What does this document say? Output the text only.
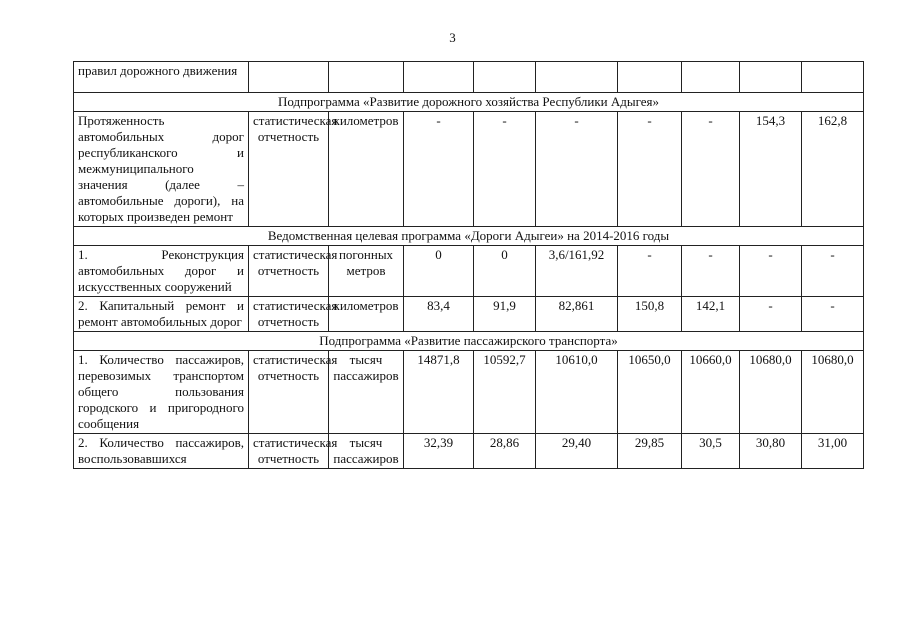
3
правил дорожного движения									
Подпрограмма «Развитие дорожного хозяйства Республики Адыгея»									
Протяженность автомобильных дорог республиканского и межмуниципального значения (далее – автомобильные дороги), на которых произведен ремонт	статистическая отчетность	километров	-	-	-	-	-	154,3	162,8
Ведомственная целевая программа «Дороги Адыгеи» на 2014-2016 годы									
1. Реконструкция автомобильных дорог и искусственных сооружений	статистическая отчетность	погонных метров	0	0	3,6/161,92	-	-	-	-
2. Капитальный ремонт и ремонт автомобильных дорог	статистическая отчетность	километров	83,4	91,9	82,861	150,8	142,1	-	-
Подпрограмма «Развитие пассажирского транспорта»									
1. Количество пассажиров, перевозимых транспортом общего пользования городского и пригородного сообщения	статистическая отчетность	тысяч пассажиров	14871,8	10592,7	10610,0	10650,0	10660,0	10680,0	10680,0
2. Количество пассажиров, воспользовавшихся	статистическая отчетность	тысяч пассажиров	32,39	28,86	29,40	29,85	30,5	30,80	31,00
